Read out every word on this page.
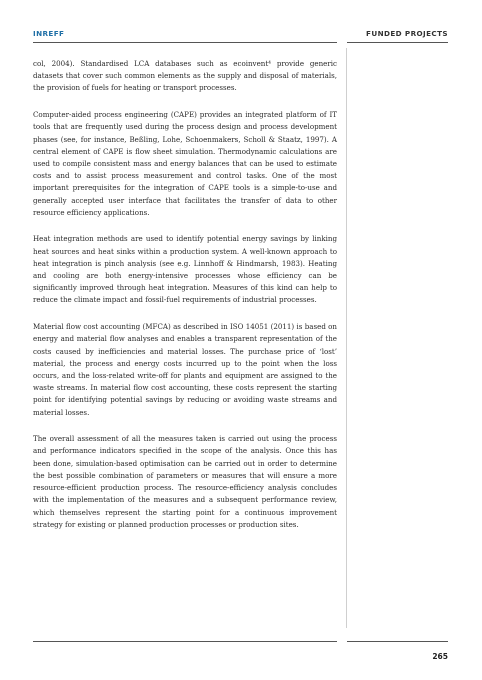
INREFF	FUNDED PROJECTS

col, 2004). Standardised LCA databases such as ecoinvent⁴ provide generic datasets that cover such common elements as the supply and disposal of materials, the provision of fuels for heating or transport processes.

Computer-aided process engineering (CAPE) provides an integrated platform of IT tools that are frequently used during the process design and process development phases (see, for instance, Beßling, Lohe, Schoenmakers, Scholl & Staatz, 1997). A central element of CAPE is flow sheet simulation. Thermodynamic calculations are used to compile consistent mass and energy balances that can be used to estimate costs and to assist process measurement and control tasks. One of the most important prerequisites for the integration of CAPE tools is a simple-to-use and generally accepted user interface that facilitates the transfer of data to other resource efficiency applications.

Heat integration methods are used to identify potential energy savings by linking heat sources and heat sinks within a production system. A well-known approach to heat integration is pinch analysis (see e.g. Linnhoff & Hindmarsh, 1983). Heating and cooling are both energy-intensive processes whose efficiency can be significantly improved through heat integration. Measures of this kind can help to reduce the climate impact and fossil-fuel requirements of industrial processes.

Material flow cost accounting (MFCA) as described in ISO 14051 (2011) is based on energy and material flow analyses and enables a transparent representation of the costs caused by inefficiencies and material losses. The purchase price of ‘lost’ material, the process and energy costs incurred up to the point when the loss occurs, and the loss-related write-off for plants and equipment are assigned to the waste streams. In material flow cost accounting, these costs represent the starting point for identifying potential savings by reducing or avoiding waste streams and material losses.

The overall assessment of all the measures taken is carried out using the process and performance indicators specified in the scope of the analysis. Once this has been done, simulation-based optimisation can be carried out in order to determine the best possible combination of parameters or measures that will ensure a more resource-efficient production process. The resource-efficiency analysis concludes with the implementation of the measures and a subsequent performance review, which themselves represent the starting point for a continuous improvement strategy for existing or planned production processes or production sites.

265
